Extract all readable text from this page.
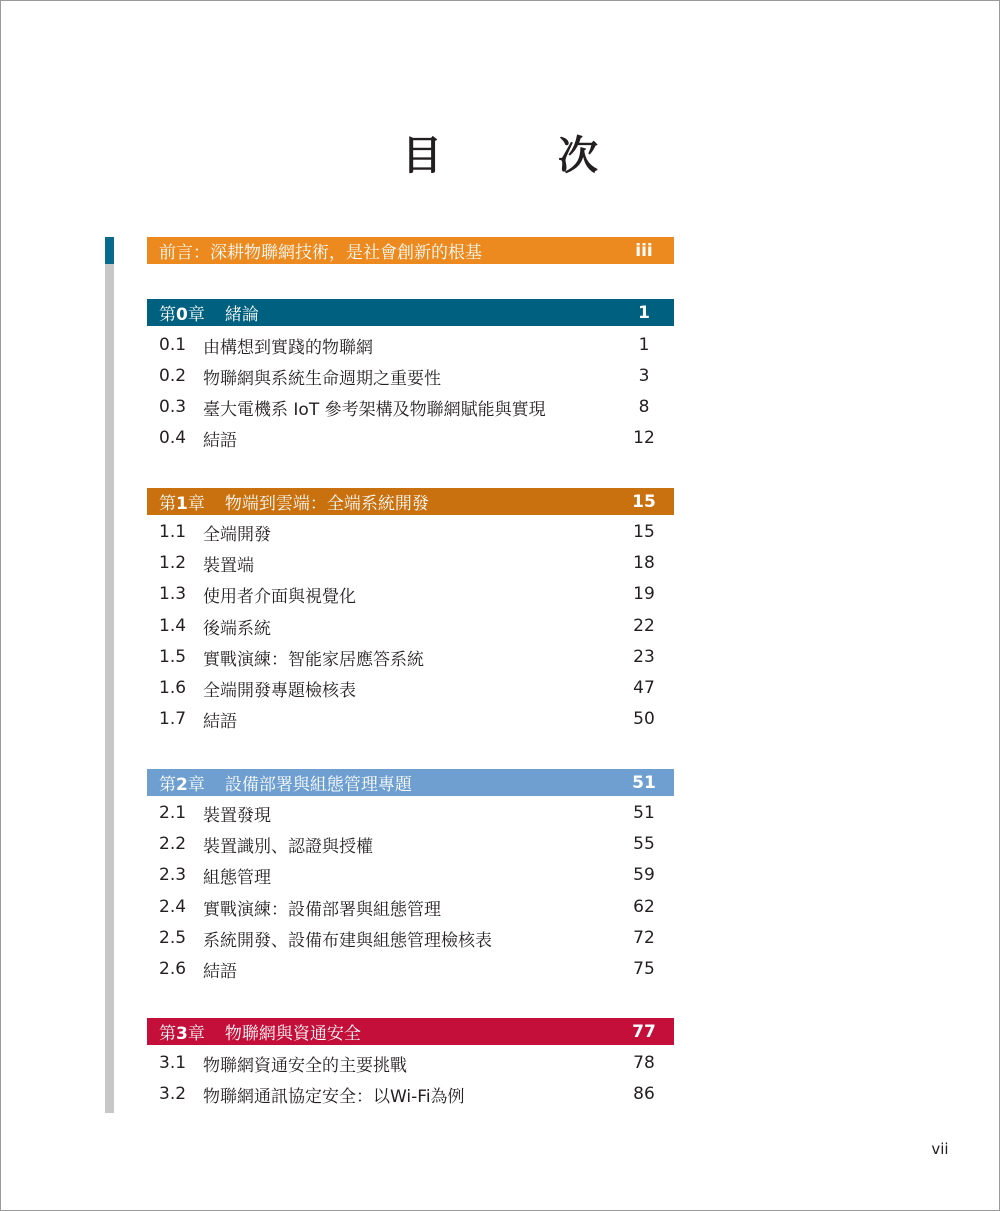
目　次
前言：深耕物聯網技術，是社會創新的根基	iii
第0章 緒論	1
0.1 由構想到實踐的物聯網	1
0.2 物聯網與系統生命週期之重要性	3
0.3 臺大電機系 IoT 參考架構及物聯網賦能與實現	8
0.4 結語	12
第1章 物端到雲端：全端系統開發	15
1.1 全端開發	15
1.2 裝置端	18
1.3 使用者介面與視覺化	19
1.4 後端系統	22
1.5 實戰演練：智能家居應答系統	23
1.6 全端開發專題檢核表	47
1.7 結語	50
第2章 設備部署與組態管理專題	51
2.1 裝置發現	51
2.2 裝置識別、認證與授權	55
2.3 組態管理	59
2.4 實戰演練：設備部署與組態管理	62
2.5 系統開發、設備布建與組態管理檢核表	72
2.6 結語	75
第3章 物聯網與資通安全	77
3.1 物聯網資通安全的主要挑戰	78
3.2 物聯網通訊協定安全：以Wi-Fi為例	86
vii
